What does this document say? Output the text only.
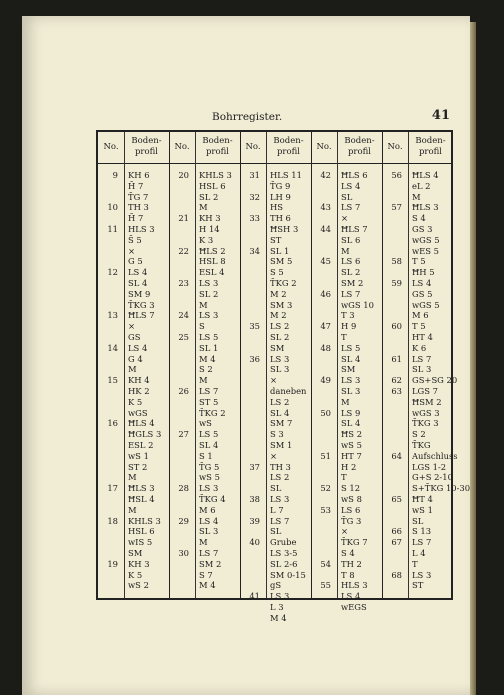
Bohrregister.	41
No.
Boden-
profil
No.
Boden-
profil
No.
Boden-
profil
No.
Boden-
profil
No.
Boden-
profil
9 KH 6
H̄ 7
T̄G 7
10 TH 3
H̄ 7
11 HLS 3
S̄ 5
×
G 5
12 LS 4
SL 4
SM 9
T̄KG 3
13 ĦLS 7
×
GS
14 LS 4
G 4
M
15 KH 4
HK 2
K 5
wGS
16 ĦLS 4
ĦGLS 3
ESL 2
wS 1
ST 2
M
17 ĦLS 3
ĦSL 4
M
18 KHLS 3
HSL 6
wIS 5
SM
19 KH 3
K 5
wS 2
20 KHLS 3
HSL 6
SL 2
M
21 KH 3
H 14
K 3
22 ĦLS 2
HSL 8
ESL 4
23 LS 3
SL 2
M
24 LS 3
S
25 LS 5
SL 1
M 4
S 2
M
26 LS 7
ST 5
T̄KG 2
wS
27 LS 5
SL 4
S 1
T̄G 5
wS 5
28 LS 3
T̄KG 4
M 6
29 LS 4
SL 3
M
30 LS 7
SM 2
S 7
M 4
31 HLS 11
T̄G 9
32 LH 9
HS
33 TH 6
ĦSH 3
ST
34 SL 1
SM 5
S 5
T̄KG 2
M 2
SM 3
M 2
35 LS 2
SL 2
SM
36 LS 3
SL 3
×
daneben
LS 2
SL 4
SM 7
S 3
SM 1
×
37 TH 3
LS 2
SL
38 LS 3
L 7
39 LS 7
SL
40 Grube
LS 3-5
SL 2-6
SM 0-15
gS
41 LS 3
L 3
M 4
42 ĦLS 6
LS 4
SL
43 LS 7
×
44 ĦLS 7
SL 6
M
45 LS 6
SL 2
SM 2
46 LS 7
wGS 10
T 3
47 H 9
T
48 LS 5
SL 4
SM
49 LS 3
SL 3
M
50 LS 9
SL 4
ĦS 2
wS 5
51 HT 7
H 2
T
52 S 12
wS 8
53 LS 6
T̄G 3
×
T̄KG 7
S 4
54 TH 2
T 8
55 HLS 3
LS 4
wEGS
56 ĦLS 4
eL 2
M
57 ĦLS 3
S 4
GS 3
wGS 5
wES 5
58 T 5
ĦH 5
59 LS 4
GS 5
wGS 5
M 6
60 T 5
HT 4
K 6
61 LS 7
SL 3
62 GS+SG 20
63 LGS 7
ĦSM 2
wGS 3
T̄KG 3
S 2
T̄KG
64 Aufschluss
LGS 1-2
G+S 2-10
S+T̄KG 10-30
65 ĦT 4
wS 1
SL
66 S 13
67 LS 7
L 4
T
68 LS 3
ST
